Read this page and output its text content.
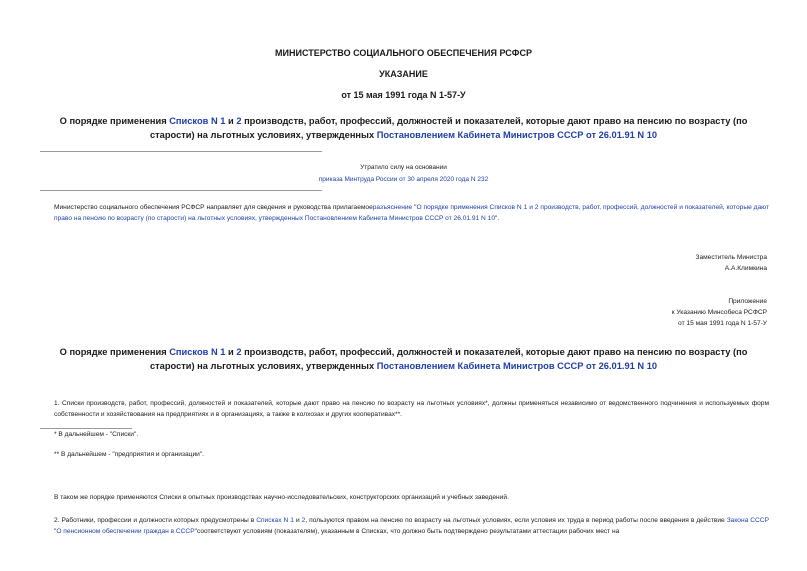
МИНИСТЕРСТВО СОЦИАЛЬНОГО ОБЕСПЕЧЕНИЯ РСФСР
УКАЗАНИЕ
от 15 мая 1991 года N 1-57-У
О порядке применения Списков N 1 и 2 производств, работ, профессий, должностей и показателей, которые дают право на пенсию по возрасту (по старости) на льготных условиях, утвержденных Постановлением Кабинета Министров СССР от 26.01.91 N 10
Утратило силу на основании
приказа Минтруда России от 30 апреля 2020 года N 232
Министерство социального обеспечения РСФСР направляет для сведения и руководства прилагаемоеразъяснение "О порядке применения Списков N 1 и 2 производств, работ, профессий, должностей и показателей, которые дают право на пенсию по возрасту (по старости) на льготных условиях, утвержденных Постановлением Кабинета Министров СССР от 26.01.91 N 10".
Заместитель Министра
А.А.Климкина
Приложение
к Указанию Минсобеса РСФСР
от 15 мая 1991 года N 1-57-У
О порядке применения Списков N 1 и 2 производств, работ, профессий, должностей и показателей, которые дают право на пенсию по возрасту (по старости) на льготных условиях, утвержденных Постановлением Кабинета Министров СССР от 26.01.91 N 10
1. Списки производств, работ, профессий, должностей и показателей, которые дают право на пенсию по возрасту на льготных условиях*, должны применяться независимо от ведомственного подчинения и используемых форм собственности и хозяйствования на предприятиях и в организациях, а также в колхозах и других кооперативах**.
* В дальнейшем - "Списки".
** В дальнейшем - "предприятия и организации".
В таком же порядке применяются Списки в опытных производствах научно-исследовательских, конструкторских организаций и учебных заведений.
2. Работники, профессии и должности которых предусмотрены в Списках N 1 и 2, пользуются правом на пенсию по возрасту на льготных условиях, если условия их труда в период работы после введения в действие Закона СССР "О пенсионном обеспечении граждан в СССР"соответствуют условиям (показателям), указанным в Списках, что должно быть подтверждено результатами аттестации рабочих мест на
